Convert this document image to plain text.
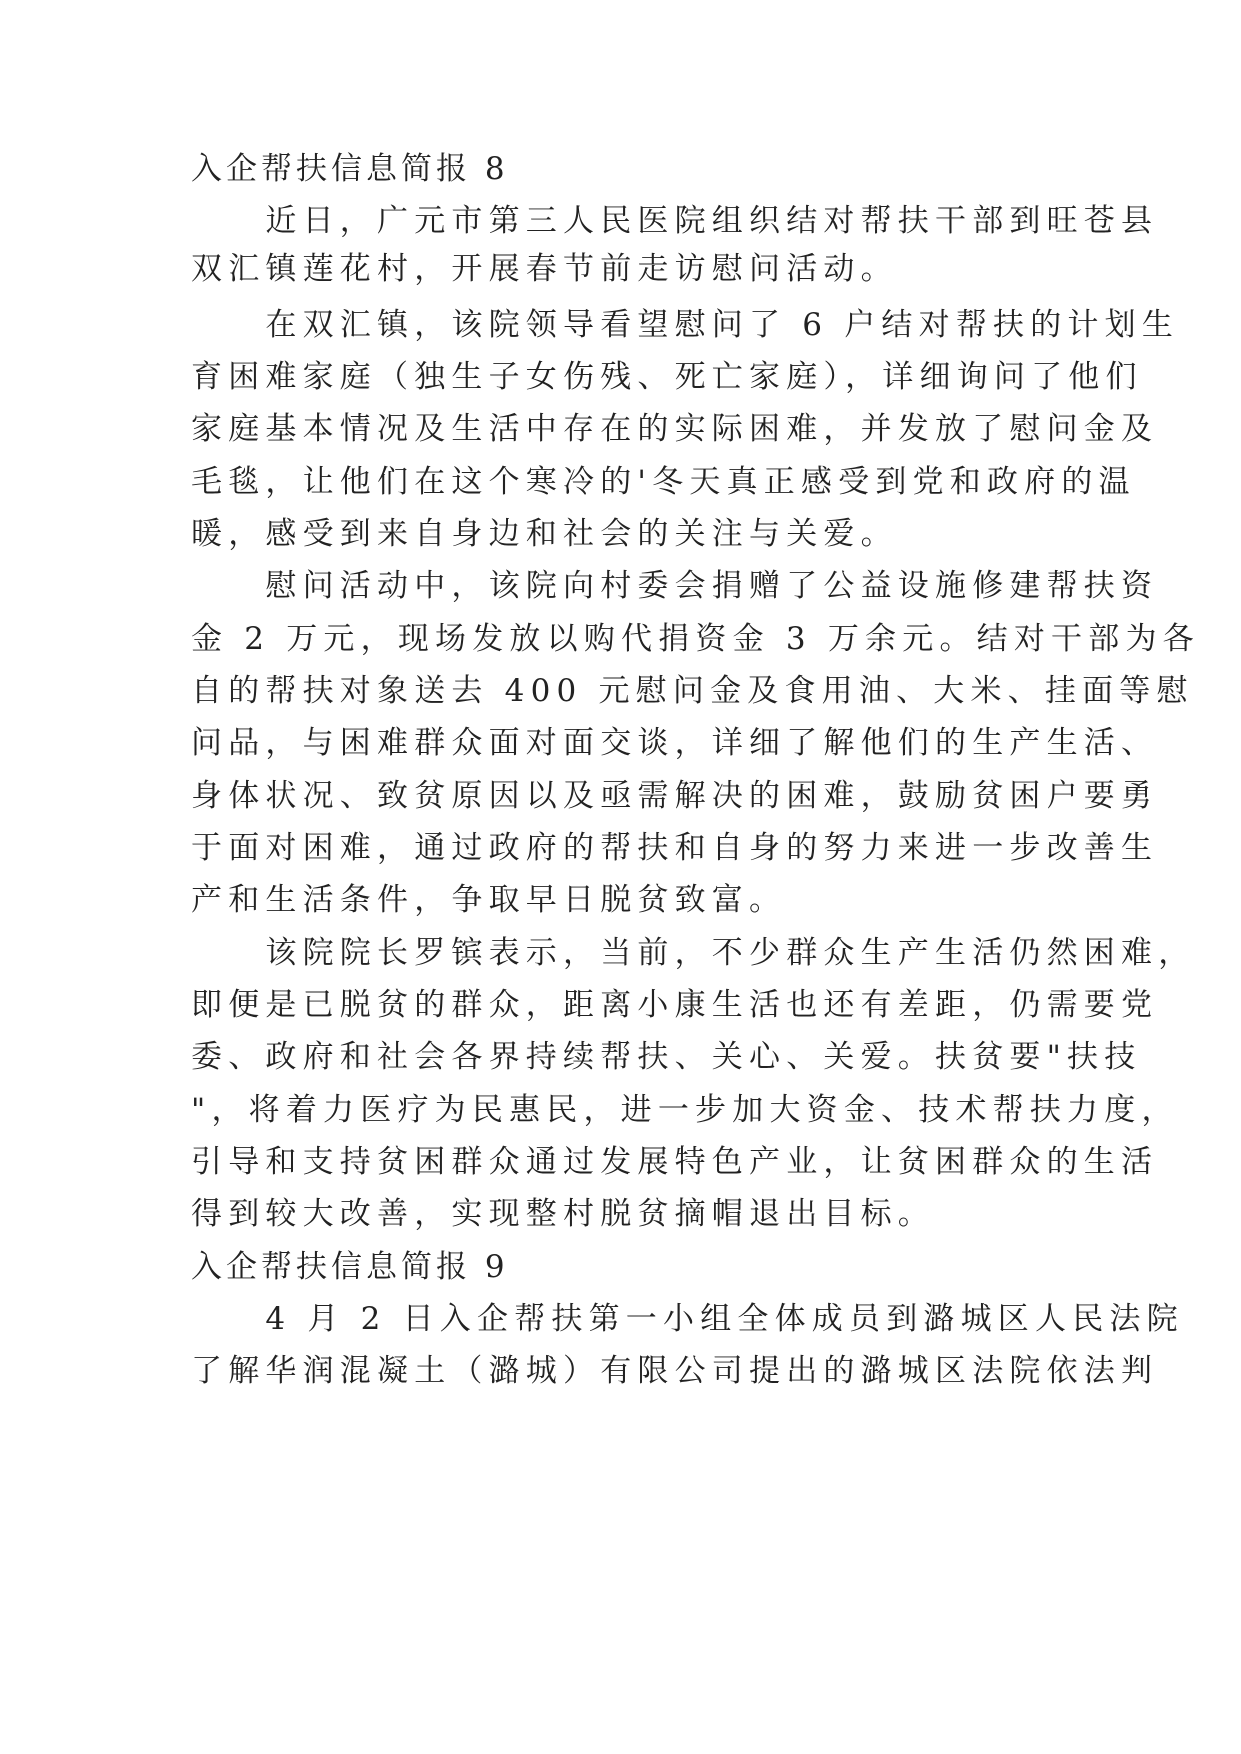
入企帮扶信息简报 8
　　近日，广元市第三人民医院组织结对帮扶干部到旺苍县
双汇镇莲花村，开展春节前走访慰问活动。
　　在双汇镇，该院领导看望慰问了 6 户结对帮扶的计划生
育困难家庭（独生子女伤残、死亡家庭），详细询问了他们
家庭基本情况及生活中存在的实际困难，并发放了慰问金及
毛毯，让他们在这个寒冷的'冬天真正感受到党和政府的温
暖，感受到来自身边和社会的关注与关爱。
　　慰问活动中，该院向村委会捐赠了公益设施修建帮扶资
金 2 万元，现场发放以购代捐资金 3 万余元。结对干部为各
自的帮扶对象送去 400 元慰问金及食用油、大米、挂面等慰
问品，与困难群众面对面交谈，详细了解他们的生产生活、
身体状况、致贫原因以及亟需解决的困难，鼓励贫困户要勇
于面对困难，通过政府的帮扶和自身的努力来进一步改善生
产和生活条件，争取早日脱贫致富。
　　该院院长罗镔表示，当前，不少群众生产生活仍然困难，
即便是已脱贫的群众，距离小康生活也还有差距，仍需要党
委、政府和社会各界持续帮扶、关心、关爱。扶贫要"扶技
"，将着力医疗为民惠民，进一步加大资金、技术帮扶力度，
引导和支持贫困群众通过发展特色产业，让贫困群众的生活
得到较大改善，实现整村脱贫摘帽退出目标。
入企帮扶信息简报 9
　　4 月 2 日入企帮扶第一小组全体成员到潞城区人民法院
了解华润混凝土（潞城）有限公司提出的潞城区法院依法判
